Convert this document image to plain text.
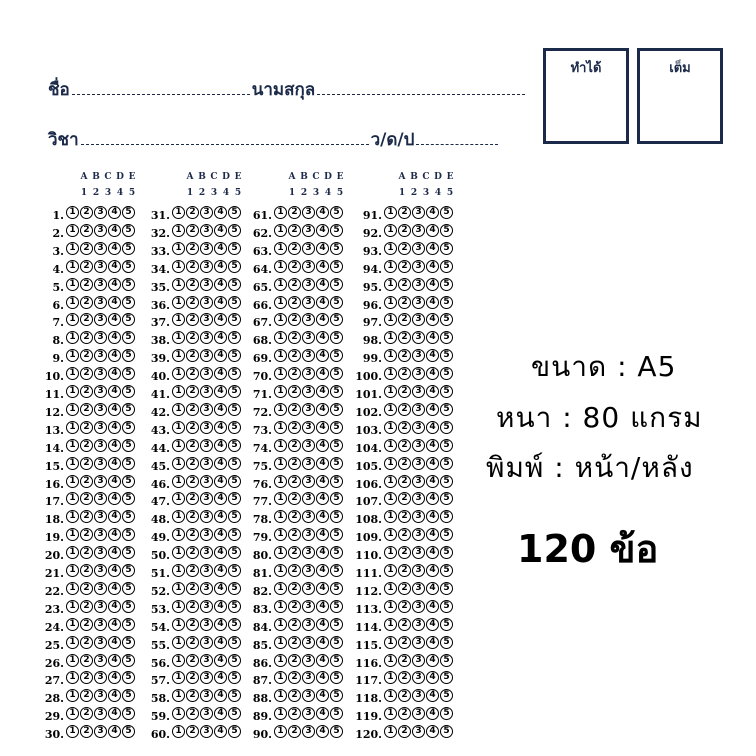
ชื่อ	นามสกุล
วิชา	ว/ด/ป
ทำได้	เต็ม
A B C D E
1 2 3 4 5
1. 1 2 3 4 5
2. 1 2 3 4 5
3. 1 2 3 4 5
4. 1 2 3 4 5
5. 1 2 3 4 5
6. 1 2 3 4 5
7. 1 2 3 4 5
8. 1 2 3 4 5
9. 1 2 3 4 5
10. 1 2 3 4 5
11. 1 2 3 4 5
12. 1 2 3 4 5
13. 1 2 3 4 5
14. 1 2 3 4 5
15. 1 2 3 4 5
16. 1 2 3 4 5
17. 1 2 3 4 5
18. 1 2 3 4 5
19. 1 2 3 4 5
20. 1 2 3 4 5
21. 1 2 3 4 5
22. 1 2 3 4 5
23. 1 2 3 4 5
24. 1 2 3 4 5
25. 1 2 3 4 5
26. 1 2 3 4 5
27. 1 2 3 4 5
28. 1 2 3 4 5
29. 1 2 3 4 5
30. 1 2 3 4 5
A B C D E
1 2 3 4 5
31. 1 2 3 4 5
32. 1 2 3 4 5
33. 1 2 3 4 5
34. 1 2 3 4 5
35. 1 2 3 4 5
36. 1 2 3 4 5
37. 1 2 3 4 5
38. 1 2 3 4 5
39. 1 2 3 4 5
40. 1 2 3 4 5
41. 1 2 3 4 5
42. 1 2 3 4 5
43. 1 2 3 4 5
44. 1 2 3 4 5
45. 1 2 3 4 5
46. 1 2 3 4 5
47. 1 2 3 4 5
48. 1 2 3 4 5
49. 1 2 3 4 5
50. 1 2 3 4 5
51. 1 2 3 4 5
52. 1 2 3 4 5
53. 1 2 3 4 5
54. 1 2 3 4 5
55. 1 2 3 4 5
56. 1 2 3 4 5
57. 1 2 3 4 5
58. 1 2 3 4 5
59. 1 2 3 4 5
60. 1 2 3 4 5
A B C D E
1 2 3 4 5
61. 1 2 3 4 5
62. 1 2 3 4 5
63. 1 2 3 4 5
64. 1 2 3 4 5
65. 1 2 3 4 5
66. 1 2 3 4 5
67. 1 2 3 4 5
68. 1 2 3 4 5
69. 1 2 3 4 5
70. 1 2 3 4 5
71. 1 2 3 4 5
72. 1 2 3 4 5
73. 1 2 3 4 5
74. 1 2 3 4 5
75. 1 2 3 4 5
76. 1 2 3 4 5
77. 1 2 3 4 5
78. 1 2 3 4 5
79. 1 2 3 4 5
80. 1 2 3 4 5
81. 1 2 3 4 5
82. 1 2 3 4 5
83. 1 2 3 4 5
84. 1 2 3 4 5
85. 1 2 3 4 5
86. 1 2 3 4 5
87. 1 2 3 4 5
88. 1 2 3 4 5
89. 1 2 3 4 5
90. 1 2 3 4 5
A B C D E
1 2 3 4 5
91. 1 2 3 4 5
92. 1 2 3 4 5
93. 1 2 3 4 5
94. 1 2 3 4 5
95. 1 2 3 4 5
96. 1 2 3 4 5
97. 1 2 3 4 5
98. 1 2 3 4 5
99. 1 2 3 4 5
100. 1 2 3 4 5
101. 1 2 3 4 5
102. 1 2 3 4 5
103. 1 2 3 4 5
104. 1 2 3 4 5
105. 1 2 3 4 5
106. 1 2 3 4 5
107. 1 2 3 4 5
108. 1 2 3 4 5
109. 1 2 3 4 5
110. 1 2 3 4 5
111. 1 2 3 4 5
112. 1 2 3 4 5
113. 1 2 3 4 5
114. 1 2 3 4 5
115. 1 2 3 4 5
116. 1 2 3 4 5
117. 1 2 3 4 5
118. 1 2 3 4 5
119. 1 2 3 4 5
120. 1 2 3 4 5
ขนาด : A5
หนา : 80 แกรม
พิมพ์ : หน้า/หลัง
120 ข้อ
